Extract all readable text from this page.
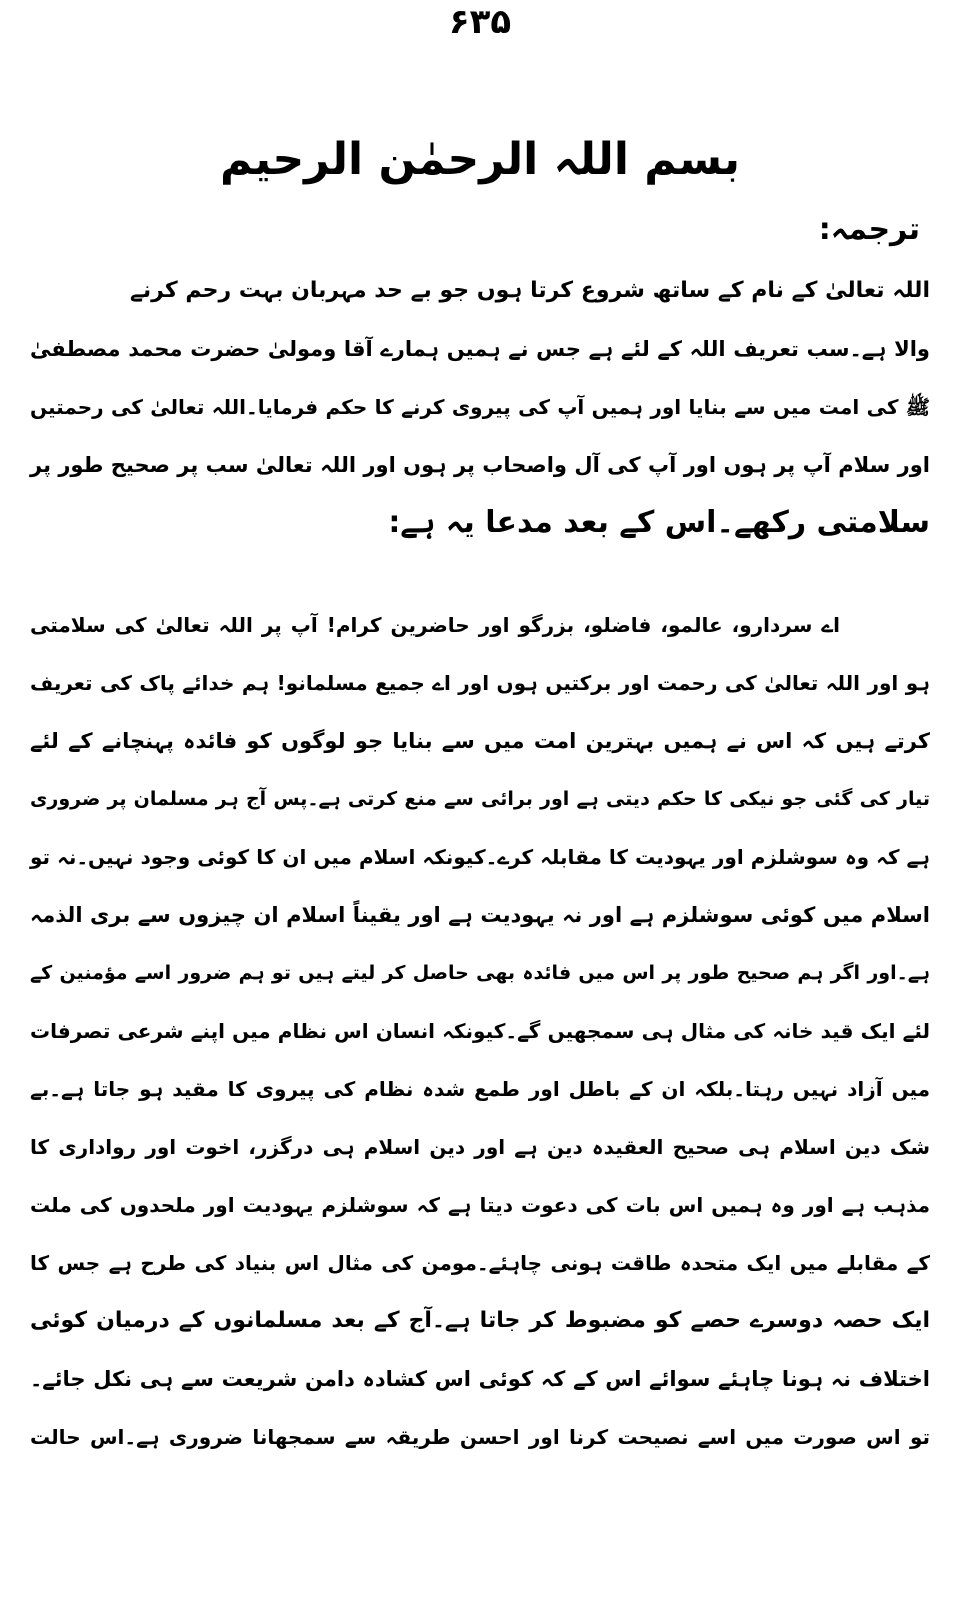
۶۳۵
بسم اللہ الرحمٰن الرحیم
ترجمہ:
اللہ تعالیٰ کے نام کے ساتھ شروع کرتا ہوں جو بے حد مہربان بہت رحم کرنے
والا ہے۔سب تعریف اللہ کے لئے ہے جس نے ہمیں ہمارے آقا ومولیٰ حضرت محمد مصطفیٰ
ﷺ کی امت میں سے بنایا اور ہمیں آپ کی پیروی کرنے کا حکم فرمایا۔اللہ تعالیٰ کی رحمتیں
اور سلام آپ پر ہوں اور آپ کی آل واصحاب پر ہوں اور اللہ تعالیٰ سب پر صحیح طور پر
سلامتی رکھے۔اس کے بعد مدعا یہ ہے:
اے سردارو، عالمو، فاضلو، بزرگو اور حاضرین کرام! آپ پر اللہ تعالیٰ کی سلامتی
ہو اور اللہ تعالیٰ کی رحمت اور برکتیں ہوں اور اے جمیع مسلمانو! ہم خدائے پاک کی تعریف
کرتے ہیں کہ اس نے ہمیں بہترین امت میں سے بنایا جو لوگوں کو فائدہ پہنچانے کے لئے
تیار کی گئی جو نیکی کا حکم دیتی ہے اور برائی سے منع کرتی ہے۔پس آج ہر مسلمان پر ضروری
ہے کہ وہ سوشلزم اور یہودیت کا مقابلہ کرے۔کیونکہ اسلام میں ان کا کوئی وجود نہیں۔نہ تو
اسلام میں کوئی سوشلزم ہے اور نہ یہودیت ہے اور یقیناً اسلام ان چیزوں سے بری الذمہ
ہے۔اور اگر ہم صحیح طور پر اس میں فائدہ بھی حاصل کر لیتے ہیں تو ہم ضرور اسے مؤمنین کے
لئے ایک قید خانہ کی مثال ہی سمجھیں گے۔کیونکہ انسان اس نظام میں اپنے شرعی تصرفات
میں آزاد نہیں رہتا۔بلکہ ان کے باطل اور طمع شدہ نظام کی پیروی کا مقید ہو جاتا ہے۔بے
شک دین اسلام ہی صحیح العقیدہ دین ہے اور دین اسلام ہی درگزر، اخوت اور رواداری کا
مذہب ہے اور وہ ہمیں اس بات کی دعوت دیتا ہے کہ سوشلزم یہودیت اور ملحدوں کی ملت
کے مقابلے میں ایک متحدہ طاقت ہونی چاہئے۔مومن کی مثال اس بنیاد کی طرح ہے جس کا
ایک حصہ دوسرے حصے کو مضبوط کر جاتا ہے۔آج کے بعد مسلمانوں کے درمیان کوئی
اختلاف نہ ہونا چاہئے سوائے اس کے کہ کوئی اس کشادہ دامن شریعت سے ہی نکل جائے۔
تو اس صورت میں اسے نصیحت کرنا اور احسن طریقہ سے سمجھانا ضروری ہے۔اس حالت
